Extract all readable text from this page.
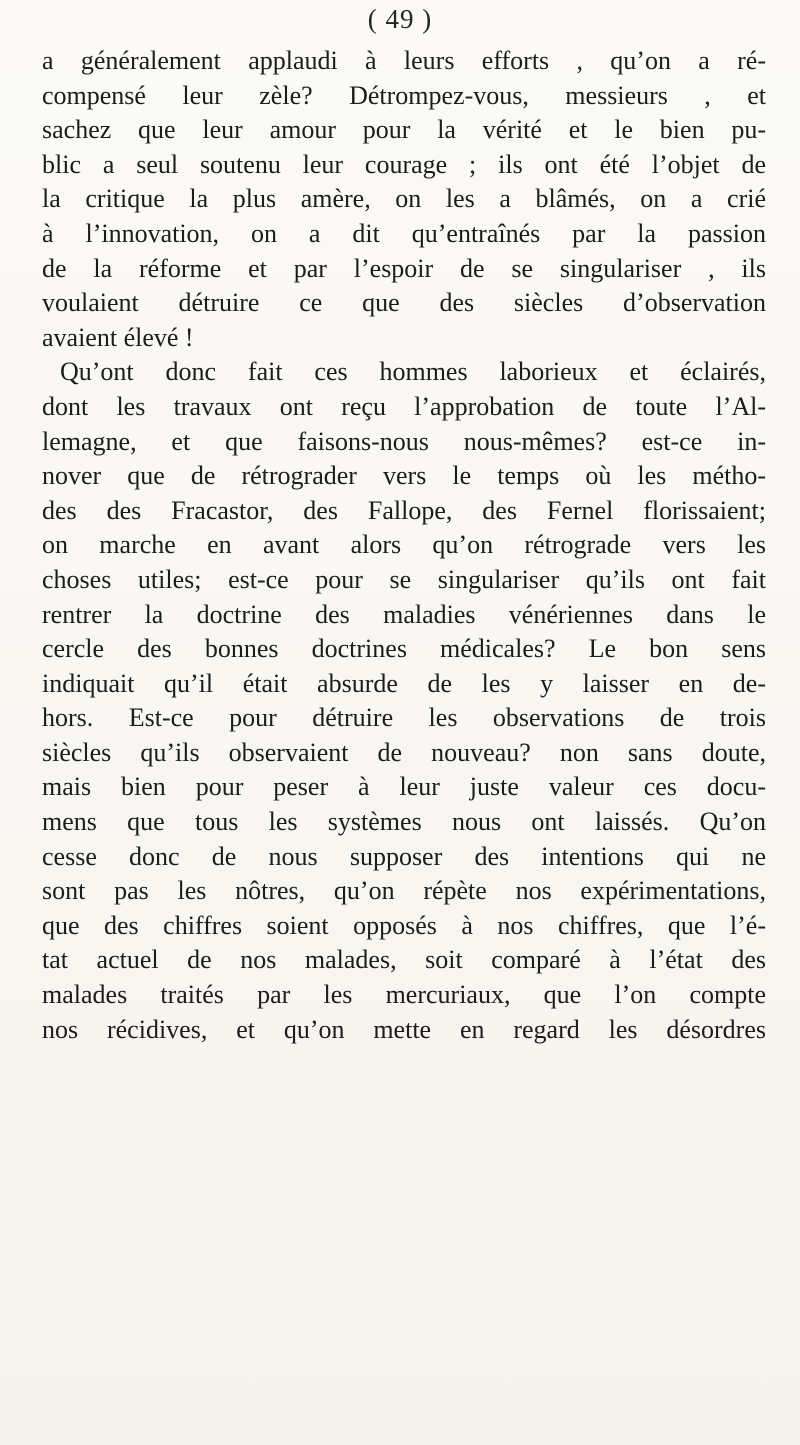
( 49 )
a généralement applaudi à leurs efforts , qu’on a ré-
compensé leur zèle? Détrompez-vous, messieurs , et
sachez que leur amour pour la vérité et le bien pu-
blic a seul soutenu leur courage ; ils ont été l’objet de
la critique la plus amère, on les a blâmés, on a crié
à l’innovation, on a dit qu’entraînés par la passion
de la réforme et par l’espoir de se singulariser , ils
voulaient détruire ce que des siècles d’observation
avaient élevé !
Qu’ont donc fait ces hommes laborieux et éclairés,
dont les travaux ont reçu l’approbation de toute l’Al-
lemagne, et que faisons-nous nous-mêmes? est-ce in-
nover que de rétrograder vers le temps où les métho-
des des Fracastor, des Fallope, des Fernel florissaient;
on marche en avant alors qu’on rétrograde vers les
choses utiles; est-ce pour se singulariser qu’ils ont fait
rentrer la doctrine des maladies vénériennes dans le
cercle des bonnes doctrines médicales? Le bon sens
indiquait qu’il était absurde de les y laisser en de-
hors. Est-ce pour détruire les observations de trois
siècles qu’ils observaient de nouveau? non sans doute,
mais bien pour peser à leur juste valeur ces docu-
mens que tous les systèmes nous ont laissés. Qu’on
cesse donc de nous supposer des intentions qui ne
sont pas les nôtres, qu’on répète nos expérimentations,
que des chiffres soient opposés à nos chiffres, que l’é-
tat actuel de nos malades, soit comparé à l’état des
malades traités par les mercuriaux, que l’on compte
nos récidives, et qu’on mette en regard les désordres
